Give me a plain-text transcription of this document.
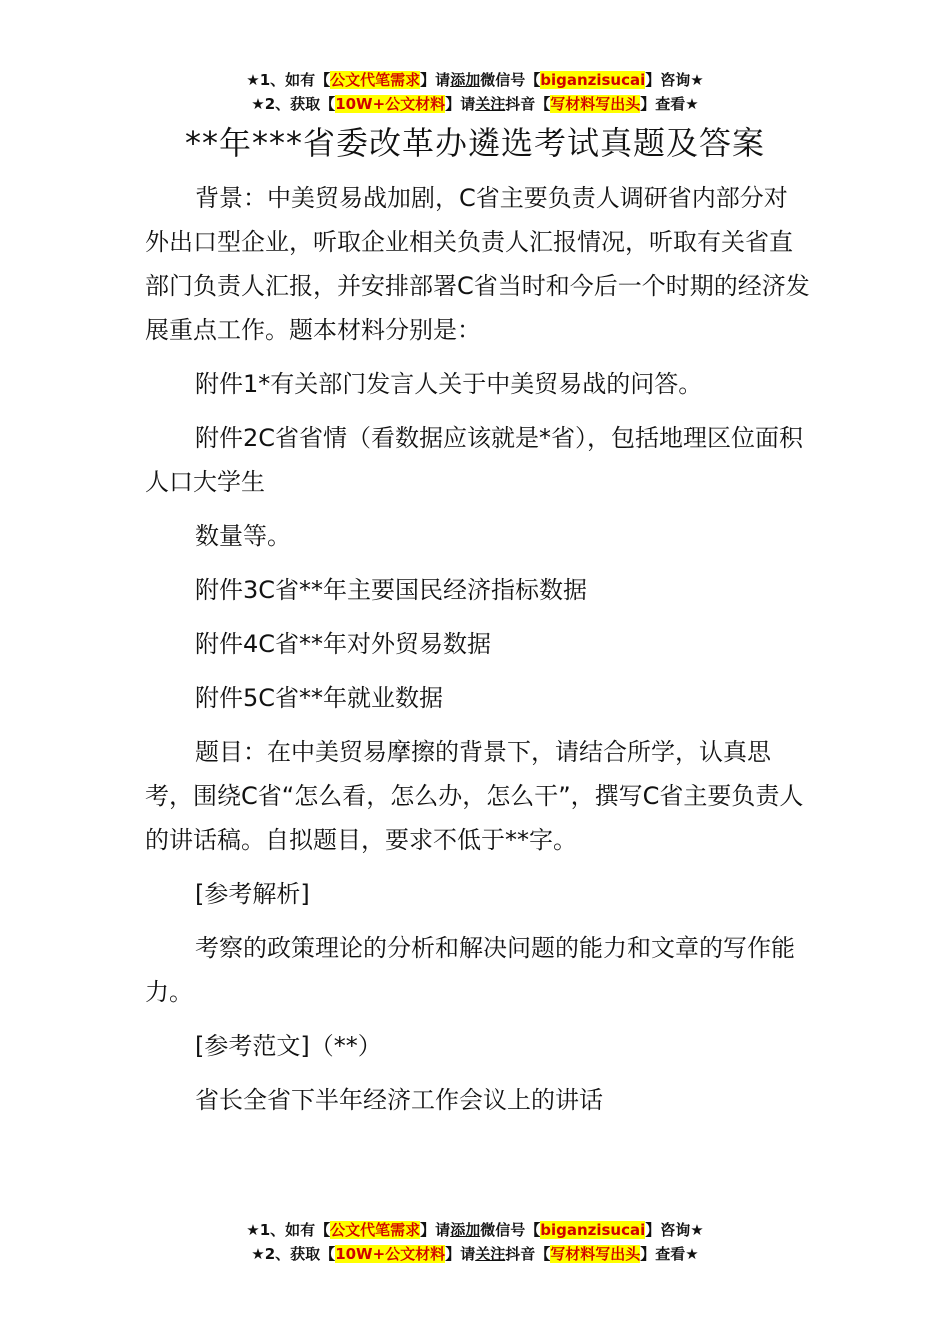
★1、如有【公文代笔需求】请添加微信号【biganzisucai】咨询★
★2、获取【10W+公文材料】请关注抖音【写材料写出头】查看★
**年***省委改革办遴选考试真题及答案

背景：中美贸易战加剧，C省主要负责人调研省内部分对外出口型企业，听取企业相关负责人汇报情况，听取有关省直部门负责人汇报，并安排部署C省当时和今后一个时期的经济发展重点工作。题本材料分别是：

附件1*有关部门发言人关于中美贸易战的问答。

附件2C省省情（看数据应该就是*省），包括地理区位面积人口大学生

数量等。

附件3C省**年主要国民经济指标数据

附件4C省**年对外贸易数据

附件5C省**年就业数据

题目：在中美贸易摩擦的背景下，请结合所学，认真思考，围绕C省“怎么看，怎么办，怎么干”，撰写C省主要负责人的讲话稿。自拟题目，要求不低于**字。

[参考解析]

考察的政策理论的分析和解决问题的能力和文章的写作能力。

[参考范文]（**）

省长全省下半年经济工作会议上的讲话

★1、如有【公文代笔需求】请添加微信号【biganzisucai】咨询★
★2、获取【10W+公文材料】请关注抖音【写材料写出头】查看★
